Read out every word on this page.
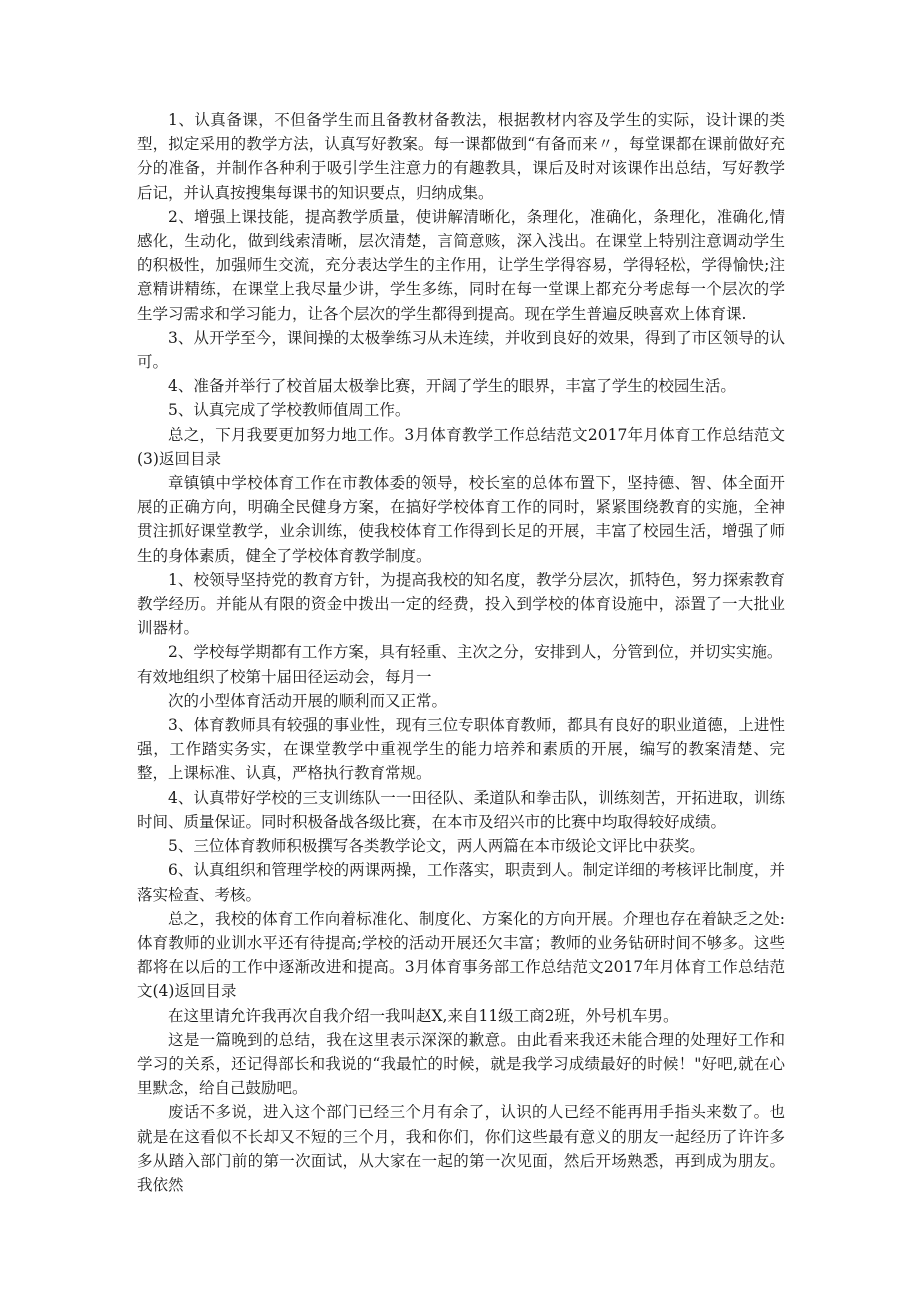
1、认真备课，不但备学生而且备教材备教法，根据教材内容及学生的实际，设计课的类型，拟定采用的教学方法，认真写好教案。每一课都做到“有备而来〃，每堂课都在课前做好充分的准备，并制作各种利于吸引学生注意力的有趣教具，课后及时对该课作出总结，写好教学后记，并认真按搜集每课书的知识要点，归纳成集。

2、增强上课技能，提高教学质量，使讲解清晰化，条理化，准确化，条理化，准确化,情感化，生动化，做到线索清晰，层次清楚，言简意赅，深入浅出。在课堂上特别注意调动学生的积极性，加强师生交流，充分表达学生的主作用，让学生学得容易，学得轻松，学得愉快;注意精讲精练，在课堂上我尽量少讲，学生多练，同时在每一堂课上都充分考虑每一个层次的学生学习需求和学习能力，让各个层次的学生都得到提高。现在学生普遍反映喜欢上体育课.

3、从开学至今，课间操的太极拳练习从未连续，并收到良好的效果，得到了市区领导的认可。

4、准备并举行了校首届太极拳比赛，开阔了学生的眼界，丰富了学生的校园生活。

5、认真完成了学校教师值周工作。

总之，下月我要更加努力地工作。3月体育教学工作总结范文2017年月体育工作总结范文(3)返回目录

章镇镇中学校体育工作在市教体委的领导，校长室的总体布置下，坚持德、智、体全面开展的正确方向，明确全民健身方案，在搞好学校体育工作的同时，紧紧围绕教育的实施，全神贯注抓好课堂教学，业余训练，使我校体育工作得到长足的开展，丰富了校园生活，增强了师生的身体素质，健全了学校体育教学制度。

1、校领导坚持党的教育方针，为提高我校的知名度，教学分层次，抓特色，努力探索教育教学经历。并能从有限的资金中拨出一定的经费，投入到学校的体育设施中，添置了一大批业训器材。

2、学校每学期都有工作方案，具有轻重、主次之分，安排到人，分管到位，并切实实施。

有效地组织了校第十届田径运动会，每月一

次的小型体育活动开展的顺利而又正常。

3、体育教师具有较强的事业性，现有三位专职体育教师，都具有良好的职业道德，上进性强，工作踏实务实，在课堂教学中重视学生的能力培养和素质的开展，编写的教案清楚、完整，上课标准、认真，严格执行教育常规。

4、认真带好学校的三支训练队一一田径队、柔道队和拳击队，训练刻苦，开拓进取，训练时间、质量保证。同时积极备战各级比赛，在本市及绍兴市的比赛中均取得较好成绩。

5、三位体育教师积极撰写各类教学论文，两人两篇在本市级论文评比中获奖。

6、认真组织和管理学校的两课两操，工作落实，职责到人。制定详细的考核评比制度，并落实检查、考核。

总之，我校的体育工作向着标准化、制度化、方案化的方向开展。介理也存在着缺乏之处:体育教师的业训水平还有待提高;学校的活动开展还欠丰富；教师的业务钻研时间不够多。这些都将在以后的工作中逐渐改进和提高。3月体育事务部工作总结范文2017年月体育工作总结范文(4)返回目录

在这里请允许我再次自我介绍一我叫赵X,来自11级工商2班，外号机车男。

这是一篇晚到的总结，我在这里表示深深的歉意。由此看来我还未能合理的处理好工作和学习的关系，还记得部长和我说的“我最忙的时候，就是我学习成绩最好的时候！"好吧,就在心里默念，给自己鼓励吧。

废话不多说，进入这个部门已经三个月有余了，认识的人已经不能再用手指头来数了。也就是在这看似不长却又不短的三个月，我和你们，你们这些最有意义的朋友一起经历了许许多多从踏入部门前的第一次面试，从大家在一起的第一次见面，然后开场熟悉，再到成为朋友。我依然
